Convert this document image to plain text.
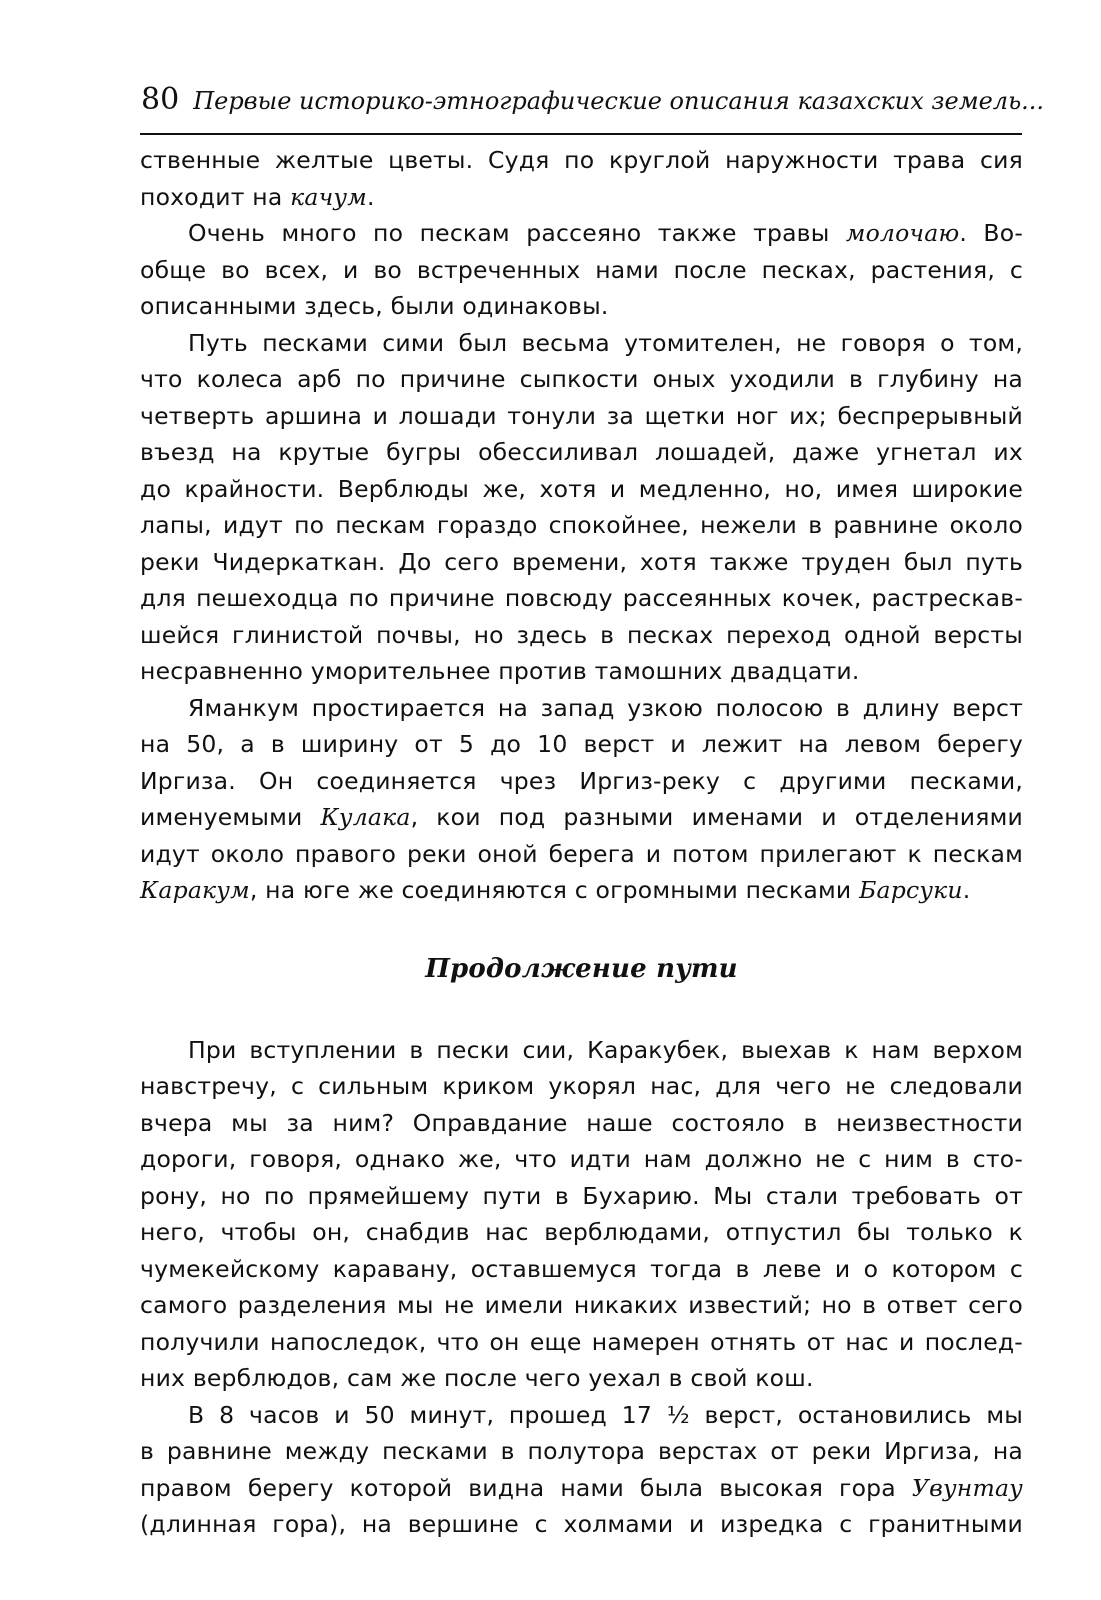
80 Первые историко-этнографические описания казахских земель...

ственные желтые цветы. Судя по круглой наружности трава сия
походит на качум.

Очень много по пескам рассеяно также травы молочаю. Во-
обще во всех, и во встреченных нами после песках, растения, с
описанными здесь, были одинаковы.

Путь песками сими был весьма утомителен, не говоря о том,
что колеса арб по причине сыпкости оных уходили в глубину на
четверть аршина и лошади тонули за щетки ног их; беспрерывный
въезд на крутые бугры обессиливал лошадей, даже угнетал их
до крайности. Верблюды же, хотя и медленно, но, имея широкие
лапы, идут по пескам гораздо спокойнее, нежели в равнине около
реки Чидеркаткан. До сего времени, хотя также труден был путь
для пешеходца по причине повсюду рассеянных кочек, растрескав-
шейся глинистой почвы, но здесь в песках переход одной версты
несравненно уморительнее против тамошних двадцати.

Яманкум простирается на запад узкою полосою в длину верст
на 50, а в ширину от 5 до 10 верст и лежит на левом берегу
Иргиза. Он соединяется чрез Иргиз-реку с другими песками,
именуемыми Кулака, кои под разными именами и отделениями
идут около правого реки оной берега и потом прилегают к пескам
Каракум, на юге же соединяются с огромными песками Барсуки.

Продолжение пути

При вступлении в пески сии, Каракубек, выехав к нам верхом
навстречу, с сильным криком укорял нас, для чего не следовали
вчера мы за ним? Оправдание наше состояло в неизвестности
дороги, говоря, однако же, что идти нам должно не с ним в сто-
рону, но по прямейшему пути в Бухарию. Мы стали требовать от
него, чтобы он, снабдив нас верблюдами, отпустил бы только к
чумекейскому каравану, оставшемуся тогда в леве и о котором с
самого разделения мы не имели никаких известий; но в ответ сего
получили напоследок, что он еще намерен отнять от нас и послед-
них верблюдов, сам же после чего уехал в свой кош.

В 8 часов и 50 минут, прошед 17 ½ верст, остановились мы
в равнине между песками в полутора верстах от реки Иргиза, на
правом берегу которой видна нами была высокая гора Увунтау
(длинная гора), на вершине с холмами и изредка с гранитными
